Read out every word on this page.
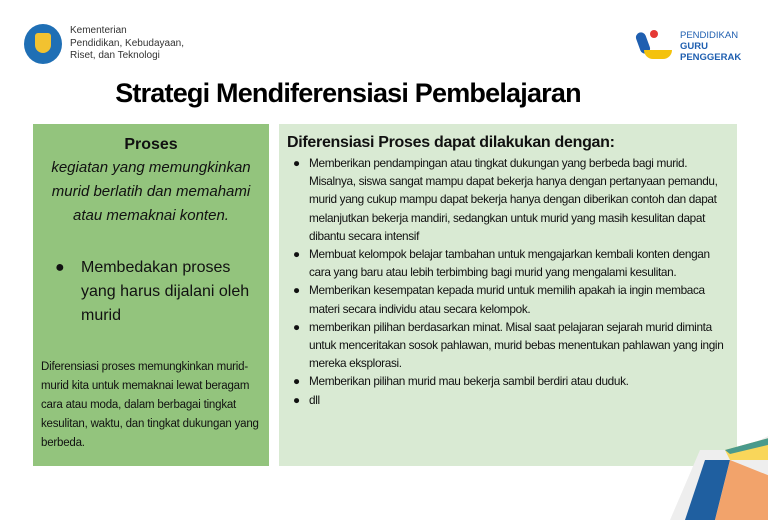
Kementerian
Pendidikan, Kebudayaan,
Riset, dan Teknologi
PENDIDIKAN
GURU
PENGGERAK
Strategi Mendiferensiasi Pembelajaran
Proses
kegiatan yang memungkinkan murid berlatih dan memahami atau memaknai konten.
●	Membedakan proses yang harus dijalani oleh murid
Diferensiasi proses memungkinkan murid-murid kita untuk memaknai lewat beragam cara atau moda, dalam berbagai tingkat kesulitan, waktu, dan tingkat dukungan yang berbeda.
Diferensiasi Proses dapat dilakukan dengan:
● Memberikan pendampingan atau tingkat dukungan yang berbeda bagi murid. Misalnya, siswa sangat mampu dapat bekerja hanya dengan pertanyaan pemandu, murid yang cukup mampu dapat bekerja hanya dengan diberikan contoh dan dapat melanjutkan bekerja mandiri, sedangkan untuk murid yang masih kesulitan dapat dibantu secara intensif
● Membuat kelompok belajar tambahan untuk mengajarkan kembali konten dengan cara yang baru atau lebih terbimbing bagi murid yang mengalami kesulitan.
● Memberikan kesempatan kepada murid untuk memilih apakah ia ingin membaca materi secara individu atau secara kelompok.
● memberikan pilihan berdasarkan minat. Misal saat pelajaran sejarah murid diminta untuk menceritakan sosok pahlawan, murid bebas menentukan pahlawan yang ingin mereka eksplorasi.
● Memberikan pilihan murid mau bekerja sambil berdiri atau duduk.
● dll
